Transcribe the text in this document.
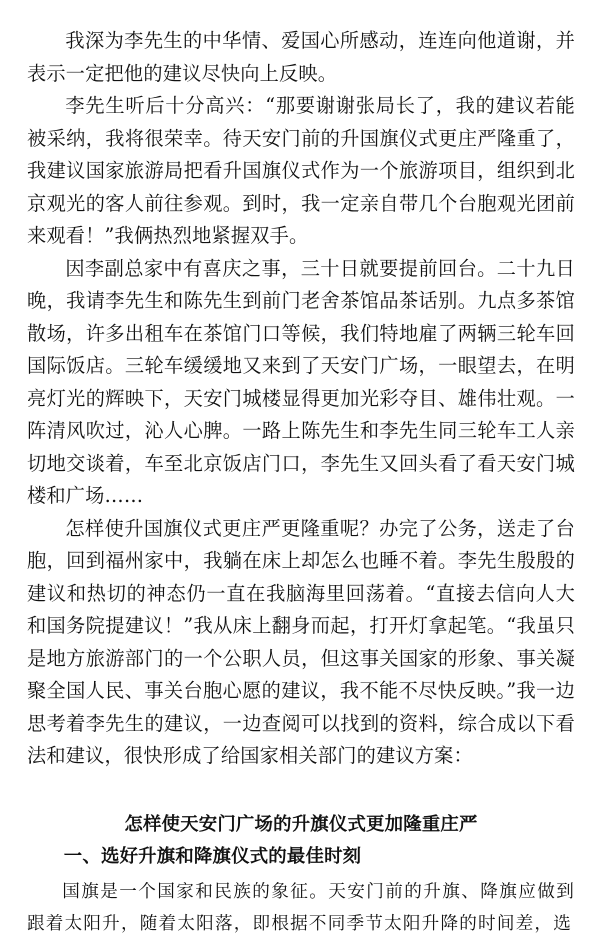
我深为李先生的中华情、爱国心所感动，连连向他道谢，并表示一定把他的建议尽快向上反映。

李先生听后十分高兴：“那要谢谢张局长了，我的建议若能被采纳，我将很荣幸。待天安门前的升国旗仪式更庄严隆重了，我建议国家旅游局把看升国旗仪式作为一个旅游项目，组织到北京观光的客人前往参观。到时，我一定亲自带几个台胞观光团前来观看！”我俩热烈地紧握双手。

因李副总家中有喜庆之事，三十日就要提前回台。二十九日晚，我请李先生和陈先生到前门老舍茶馆品茶话别。九点多茶馆散场，许多出租车在茶馆门口等候，我们特地雇了两辆三轮车回国际饭店。三轮车缓缓地又来到了天安门广场，一眼望去，在明亮灯光的辉映下，天安门城楼显得更加光彩夺目、雄伟壮观。一阵清风吹过，沁人心脾。一路上陈先生和李先生同三轮车工人亲切地交谈着，车至北京饭店门口，李先生又回头看了看天安门城楼和广场……

怎样使升国旗仪式更庄严更隆重呢？办完了公务，送走了台胞，回到福州家中，我躺在床上却怎么也睡不着。李先生殷殷的建议和热切的神态仍一直在我脑海里回荡着。“直接去信向人大和国务院提建议！”我从床上翻身而起，打开灯拿起笔。“我虽只是地方旅游部门的一个公职人员，但这事关国家的形象、事关凝聚全国人民、事关台胞心愿的建议，我不能不尽快反映。”我一边思考着李先生的建议，一边查阅可以找到的资料，综合成以下看法和建议，很快形成了给国家相关部门的建议方案：

怎样使天安门广场的升旗仪式更加隆重庄严
一、选好升旗和降旗仪式的最佳时刻

国旗是一个国家和民族的象征。天安门前的升旗、降旗应做到跟着太阳升，随着太阳落，即根据不同季节太阳升降的时间差，选
